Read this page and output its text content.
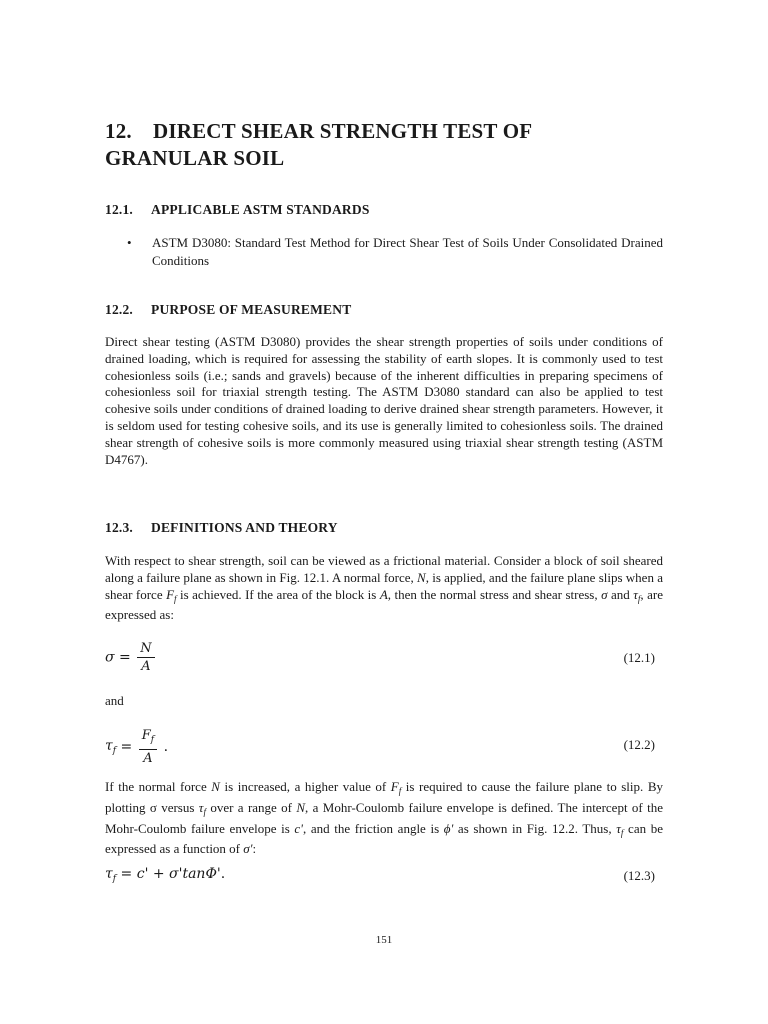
12. DIRECT SHEAR STRENGTH TEST OF
GRANULAR SOIL
12.1. APPLICABLE ASTM STANDARDS
• ASTM D3080: Standard Test Method for Direct Shear Test of Soils Under Consolidated Drained Conditions
12.2. PURPOSE OF MEASUREMENT

Direct shear testing (ASTM D3080) provides the shear strength properties of soils under conditions of drained loading, which is required for assessing the stability of earth slopes. It is commonly used to test cohesionless soils (i.e.; sands and gravels) because of the inherent difficulties in preparing specimens of cohesionless soil for triaxial strength testing. The ASTM D3080 standard can also be applied to test cohesive soils under conditions of drained loading to derive drained shear strength parameters. However, it is seldom used for testing cohesive soils, and its use is generally limited to cohesionless soils. The drained shear strength of cohesive soils is more commonly measured using triaxial shear strength testing (ASTM D4767).

12.3. DEFINITIONS AND THEORY

With respect to shear strength, soil can be viewed as a frictional material. Consider a block of soil sheared along a failure plane as shown in Fig. 12.1. A normal force, N, is applied, and the failure plane slips when a shear force $F_f$ is achieved. If the area of the block is A, then the normal stress and shear stress, σ and $\tau_f$, are expressed as:

$\sigma = \frac{N}{A}$	(12.1)

and

$\tau_f = \frac{F_f}{A}$ .	(12.2)

If the normal force N is increased, a higher value of $F_f$ is required to cause the failure plane to slip. By plotting σ versus $\tau_f$ over a range of N, a Mohr-Coulomb failure envelope is defined. The intercept of the Mohr-Coulomb failure envelope is c', and the friction angle is ϕ' as shown in Fig. 12.2. Thus, $\tau_f$ can be expressed as a function of σ':

$\tau_f = c' + \sigma'\tan\Phi'$.	(12.3)
151
